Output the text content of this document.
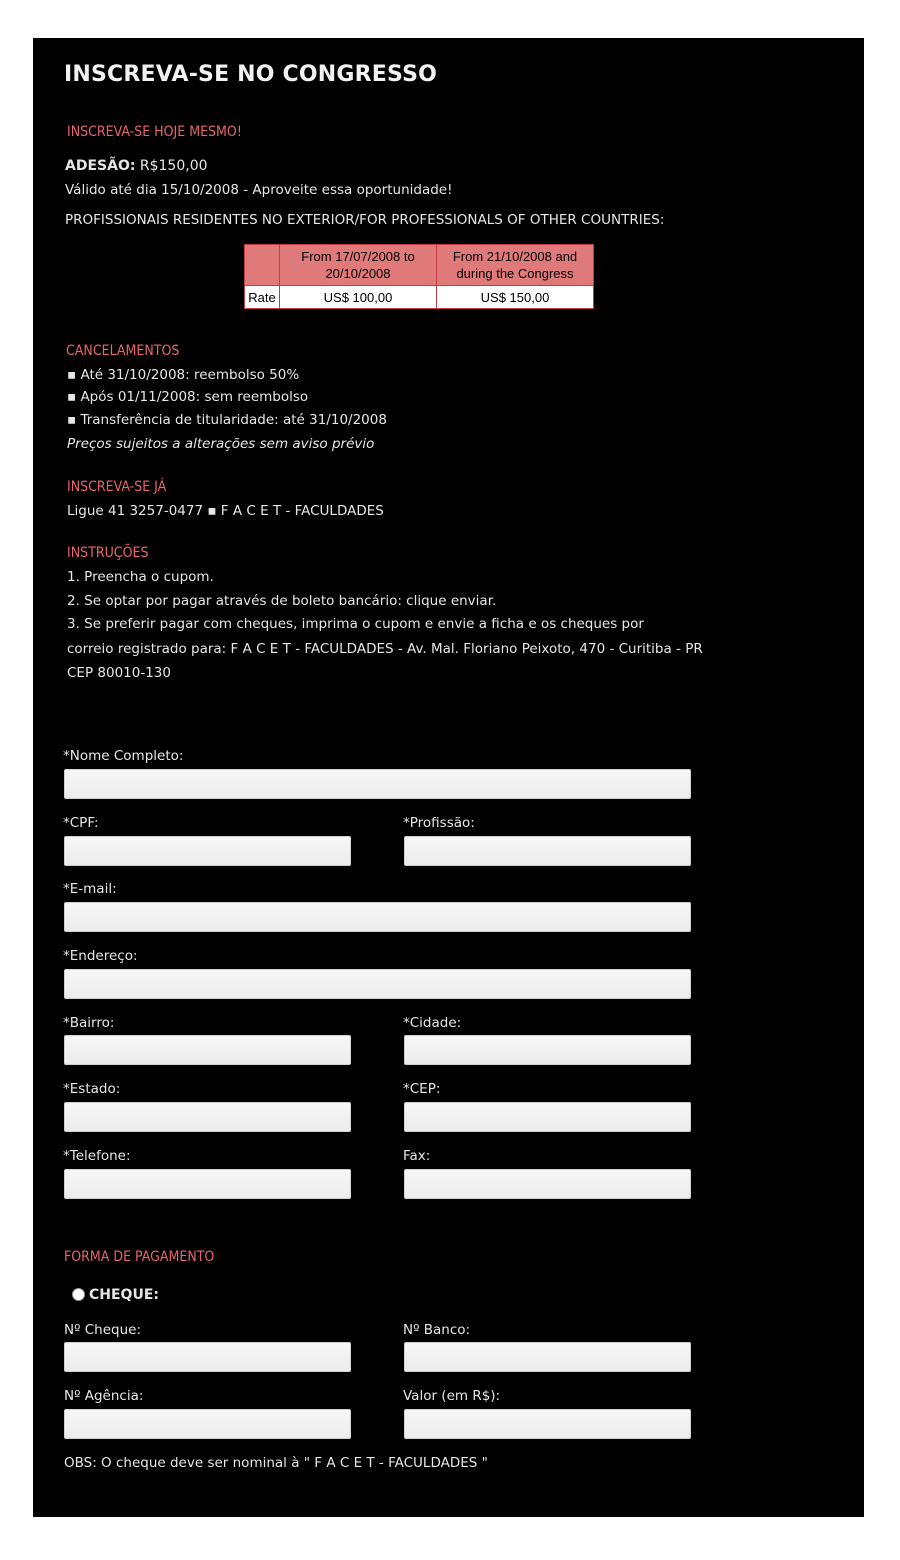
INSCREVA-SE NO CONGRESSO
INSCREVA-SE HOJE MESMO!
ADESÃO: R$150,00
Válido até dia 15/10/2008 - Aproveite essa oportunidade!
PROFISSIONAIS RESIDENTES NO EXTERIOR/FOR PROFESSIONALS OF OTHER COUNTRIES:
	From 17/07/2008 to 20/10/2008	From 21/10/2008 and during the Congress
Rate	US$ 100,00	US$ 150,00
CANCELAMENTOS
▪ Até 31/10/2008: reembolso 50%
▪ Após 01/11/2008: sem reembolso
▪ Transferência de titularidade: até 31/10/2008
Preços sujeitos a alterações sem aviso prévio
INSCREVA-SE JÁ
Ligue 41 3257-0477 ▪ F A C E T - FACULDADES
INSTRUÇÕES
1. Preencha o cupom.
2. Se optar por pagar através de boleto bancário: clique enviar.
3. Se preferir pagar com cheques, imprima o cupom e envie a ficha e os cheques por
correio registrado para: F A C E T - FACULDADES - Av. Mal. Floriano Peixoto, 470 - Curitiba - PR
CEP 80010-130
*Nome Completo:
*CPF:	*Profissão:
*E-mail:
*Endereço:
*Bairro:	*Cidade:
*Estado:	*CEP:
*Telefone:	Fax:
FORMA DE PAGAMENTO
CHEQUE:
Nº Cheque:	Nº Banco:
Nº Agência:	Valor (em R$):
OBS: O cheque deve ser nominal à " F A C E T - FACULDADES "
